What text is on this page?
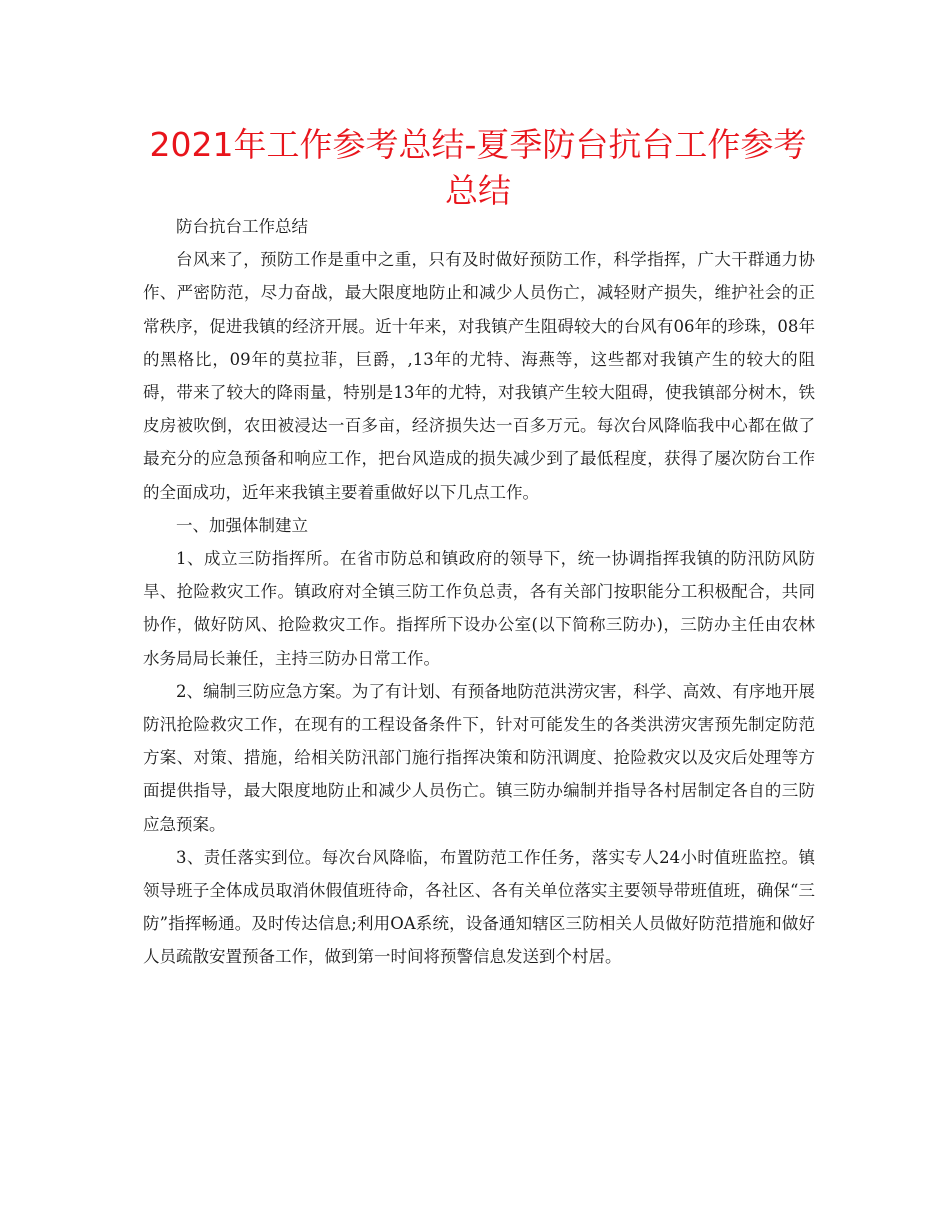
2021年工作参考总结-夏季防台抗台工作参考总结

防台抗台工作总结

台风来了，预防工作是重中之重，只有及时做好预防工作，科学指挥，广大干群通力协作、严密防范，尽力奋战，最大限度地防止和减少人员伤亡，减轻财产损失，维护社会的正常秩序，促进我镇的经济开展。近十年来，对我镇产生阻碍较大的台风有06年的珍珠，08年的黑格比，09年的莫拉菲，巨爵，,13年的尤特、海燕等，这些都对我镇产生的较大的阻碍，带来了较大的降雨量，特别是13年的尤特，对我镇产生较大阻碍，使我镇部分树木，铁皮房被吹倒，农田被浸达一百多亩，经济损失达一百多万元。每次台风降临我中心都在做了最充分的应急预备和响应工作，把台风造成的损失减少到了最低程度，获得了屡次防台工作的全面成功，近年来我镇主要着重做好以下几点工作。

一、加强体制建立

1、成立三防指挥所。在省市防总和镇政府的领导下，统一协调指挥我镇的防汛防风防旱、抢险救灾工作。镇政府对全镇三防工作负总责，各有关部门按职能分工积极配合，共同协作，做好防风、抢险救灾工作。指挥所下设办公室(以下简称三防办)，三防办主任由农林水务局局长兼任，主持三防办日常工作。

2、编制三防应急方案。为了有计划、有预备地防范洪涝灾害，科学、高效、有序地开展防汛抢险救灾工作，在现有的工程设备条件下，针对可能发生的各类洪涝灾害预先制定防范方案、对策、措施，给相关防汛部门施行指挥决策和防汛调度、抢险救灾以及灾后处理等方面提供指导，最大限度地防止和减少人员伤亡。镇三防办编制并指导各村居制定各自的三防应急预案。

3、责任落实到位。每次台风降临，布置防范工作任务，落实专人24小时值班监控。镇领导班子全体成员取消休假值班待命，各社区、各有关单位落实主要领导带班值班，确保“三防”指挥畅通。及时传达信息;利用OA系统，设备通知辖区三防相关人员做好防范措施和做好人员疏散安置预备工作，做到第一时间将预警信息发送到个村居。
